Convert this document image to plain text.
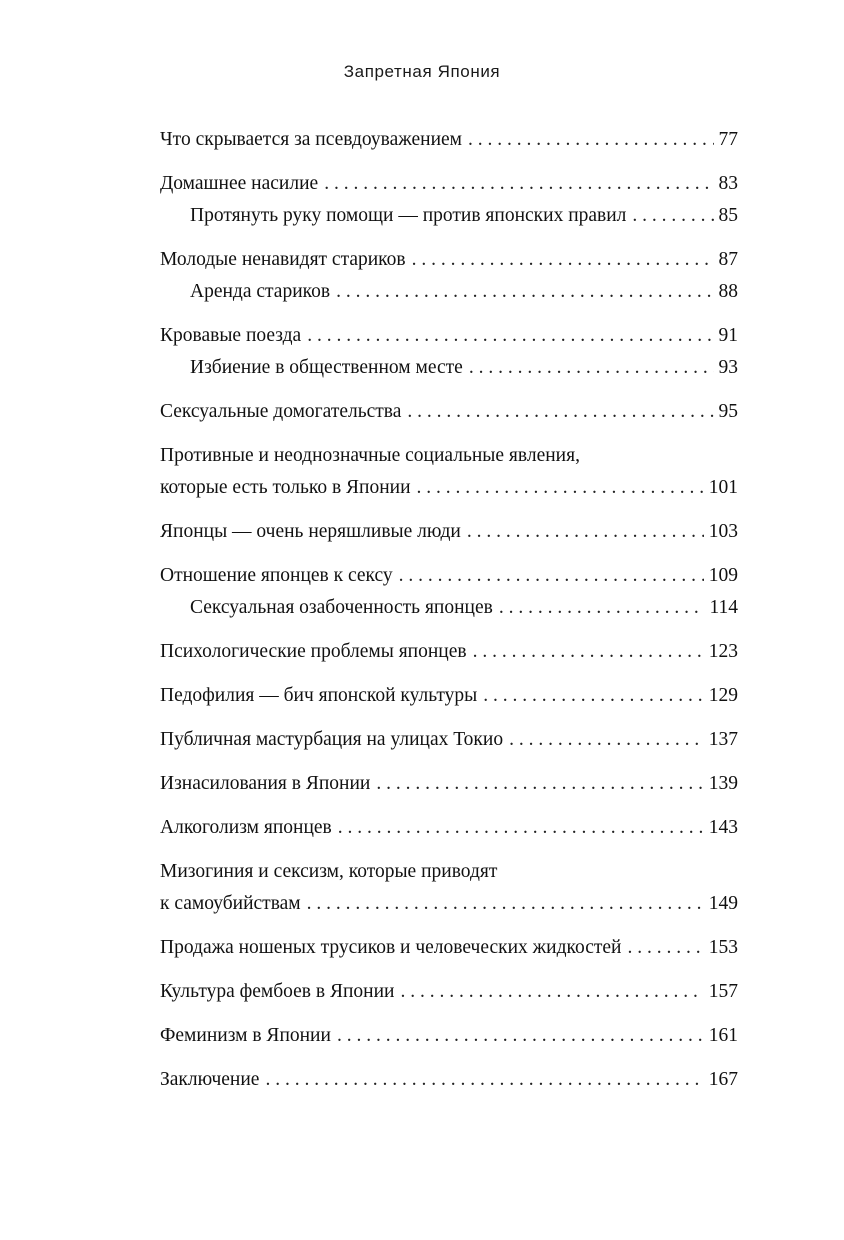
Запретная Япония
Что скрывается за псевдоуважением . . .	77
Домашнее насилие . . .	83
Протянуть руку помощи — против японских правил . . .	85
Молодые ненавидят стариков . . .	87
Аренда стариков . . .	88
Кровавые поезда . . .	91
Избиение в общественном месте . . .	93
Сексуальные домогательства . . .	95
Противные и неоднозначные социальные явления,
которые есть только в Японии . . .	101
Японцы — очень неряшливые люди . . .	103
Отношение японцев к сексу . . .	109
Сексуальная озабоченность японцев . . .	114
Психологические проблемы японцев . . .	123
Педофилия — бич японской культуры . . .	129
Публичная мастурбация на улицах Токио . . .	137
Изнасилования в Японии . . .	139
Алкоголизм японцев . . .	143
Мизогиния и сексизм, которые приводят
к самоубийствам . . .	149
Продажа ношеных трусиков и человеческих жидкостей . . .	153
Культура фембоев в Японии . . .	157
Феминизм в Японии . . .	161
Заключение . . .	167
